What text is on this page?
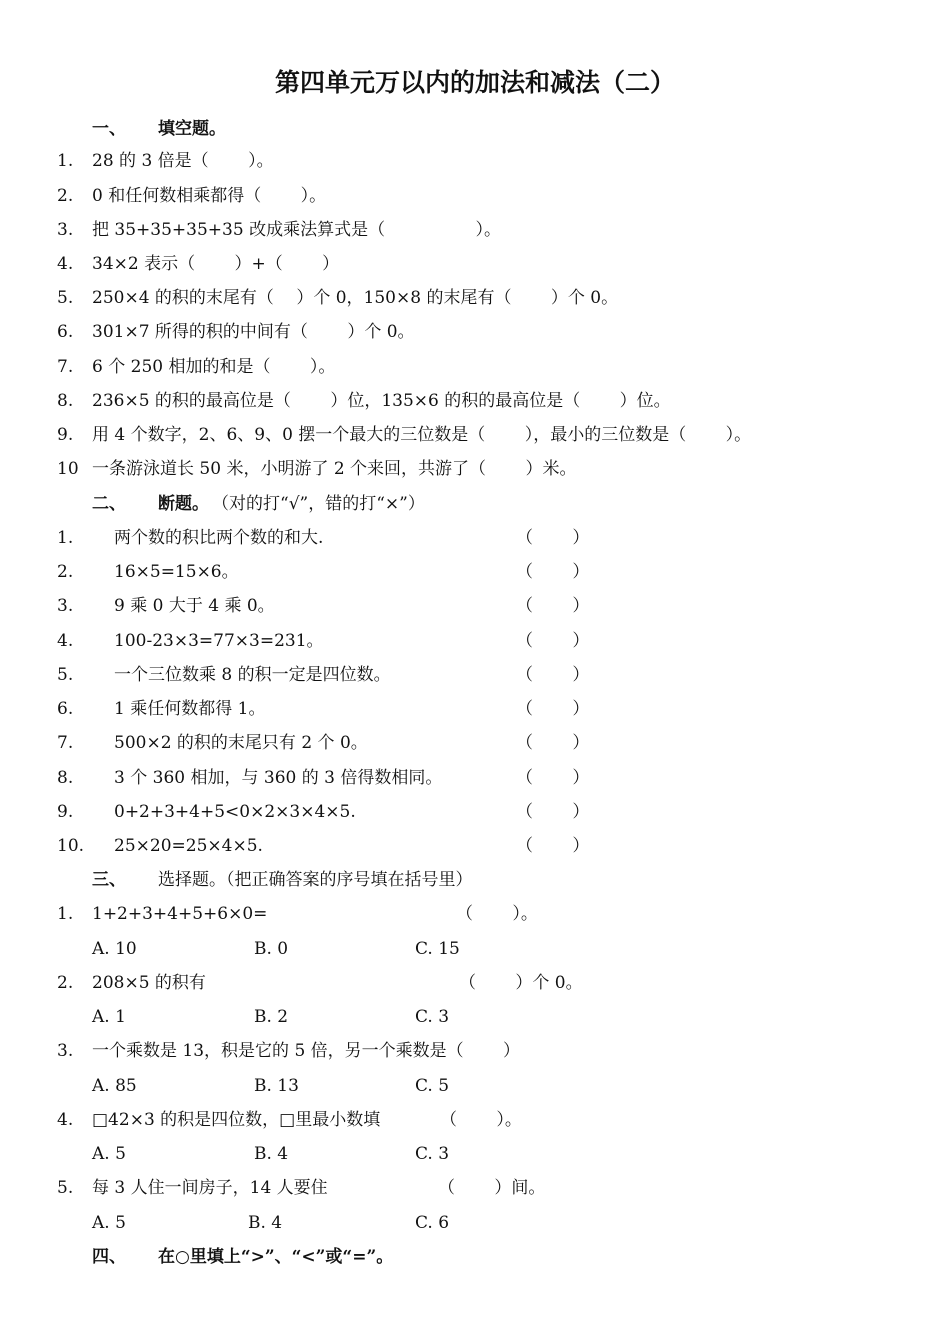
第四单元万以内的加法和减法（二）
一、 填空题。
1. 28 的 3 倍是（　　 ）。
2. 0 和任何数相乘都得（　　 ）。
3. 把 35+35+35+35 改成乘法算式是（　　　　　 ）。
4. 34×2 表示（　　 ）+（　　 ）
5. 250×4 的积的末尾有（　 ）个 0，150×8 的末尾有（　　 ）个 0。
6. 301×7 所得的积的中间有（　　 ）个 0。
7. 6 个 250 相加的和是（　　 ）。
8. 236×5 的积的最高位是（　　 ）位，135×6 的积的最高位是（　　 ）位。
9. 用 4 个数字，2、6、9、0 摆一个最大的三位数是（　　 ），最小的三位数是（　　 ）。
10 一条游泳道长 50 米，小明游了 2 个来回，共游了（　　 ）米。
二、 断题。 （对的打“√”，错的打“×”）
1. 两个数的积比两个数的和大.	（　　 ）
2. 16×5=15×6。	（　　 ）
3. 9 乘 0 大于 4 乘 0。	（　　 ）
4. 100-23×3=77×3=231。	（　　 ）
5. 一个三位数乘 8 的积一定是四位数。	（　　 ）
6. 1 乘任何数都得 1。	（　　 ）
7. 500×2 的积的末尾只有 2 个 0。	（　　 ）
8. 3 个 360 相加，与 360 的 3 倍得数相同。	（　　 ）
9. 0+2+3+4+5<0×2×3×4×5.	（　　 ）
10. 25×20=25×4×5.	（　　 ）
三、 选择题。（把正确答案的序号填在括号里）
1. 1+2+3+4+5+6×0=	（　　 ）。
A. 10	B. 0	C. 15
2. 208×5 的积有	（　　 ）个 0。
A. 1	B. 2	C. 3
3. 一个乘数是 13，积是它的 5 倍，另一个乘数是（　　 ）
A. 85	B. 13	C. 5
4. □42×3 的积是四位数，□里最小数填	（　　 ）。
A. 5	B. 4	C. 3
5. 每 3 人住一间房子，14 人要住	（　　 ）间。
A. 5	B. 4	C. 6
四、 在○里填上“>”、“<”或“=”。
